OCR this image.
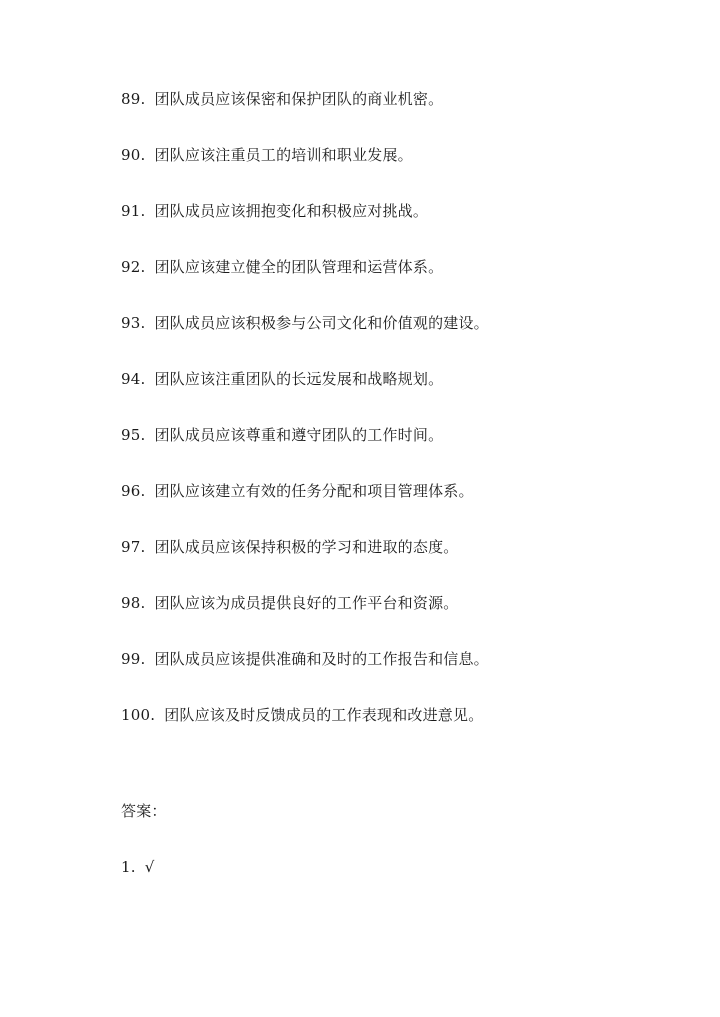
89. 团队成员应该保密和保护团队的商业机密。
90. 团队应该注重员工的培训和职业发展。
91. 团队成员应该拥抱变化和积极应对挑战。
92. 团队应该建立健全的团队管理和运营体系。
93. 团队成员应该积极参与公司文化和价值观的建设。
94. 团队应该注重团队的长远发展和战略规划。
95. 团队成员应该尊重和遵守团队的工作时间。
96. 团队应该建立有效的任务分配和项目管理体系。
97. 团队成员应该保持积极的学习和进取的态度。
98. 团队应该为成员提供良好的工作平台和资源。
99. 团队成员应该提供准确和及时的工作报告和信息。
100. 团队应该及时反馈成员的工作表现和改进意见。
答案：
1. √
